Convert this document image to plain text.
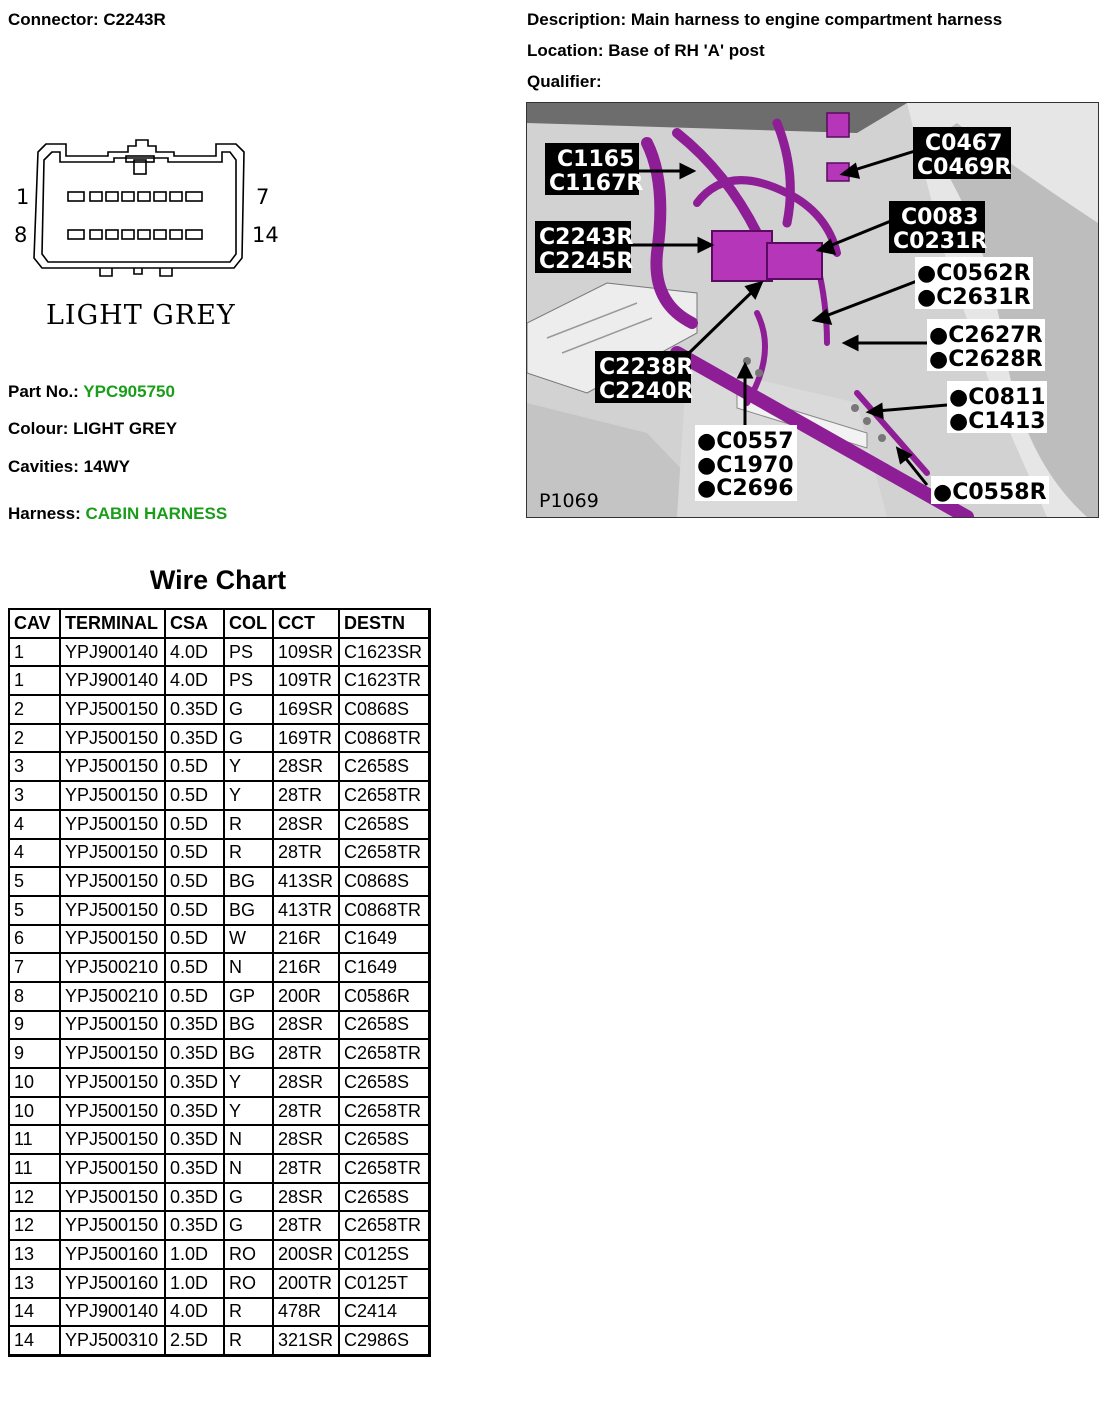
Connector: C2243R	Description: Main harness to engine compartment harness
Location: Base of RH 'A' post
Qualifier:
1	7
8	14
LIGHT GREY
Part No.: YPC905750
Colour: LIGHT GREY
Cavities: 14WY
Harness: CABIN HARNESS
C1165
C1167R
C2243R
C2245R
C2238R
C2240R
C0467
C0469R
C0083
C0231R
●C0562R
●C2631R
●C2627R
●C2628R
●C0811
●C1413
●C0557
●C1970
●C2696	●C0558R
P1069
Wire Chart
CAV	TERMINAL	CSA	COL	CCT	DESTN
1	YPJ900140	4.0D	PS	109SR	C1623SR
1	YPJ900140	4.0D	PS	109TR	C1623TR
2	YPJ500150	0.35D	G	169SR	C0868S
2	YPJ500150	0.35D	G	169TR	C0868TR
3	YPJ500150	0.5D	Y	28SR	C2658S
3	YPJ500150	0.5D	Y	28TR	C2658TR
4	YPJ500150	0.5D	R	28SR	C2658S
4	YPJ500150	0.5D	R	28TR	C2658TR
5	YPJ500150	0.5D	BG	413SR	C0868S
5	YPJ500150	0.5D	BG	413TR	C0868TR
6	YPJ500150	0.5D	W	216R	C1649
7	YPJ500210	0.5D	N	216R	C1649
8	YPJ500210	0.5D	GP	200R	C0586R
9	YPJ500150	0.35D	BG	28SR	C2658S
9	YPJ500150	0.35D	BG	28TR	C2658TR
10	YPJ500150	0.35D	Y	28SR	C2658S
10	YPJ500150	0.35D	Y	28TR	C2658TR
11	YPJ500150	0.35D	N	28SR	C2658S
11	YPJ500150	0.35D	N	28TR	C2658TR
12	YPJ500150	0.35D	G	28SR	C2658S
12	YPJ500150	0.35D	G	28TR	C2658TR
13	YPJ500160	1.0D	RO	200SR	C0125S
13	YPJ500160	1.0D	RO	200TR	C0125T
14	YPJ900140	4.0D	R	478R	C2414
14	YPJ500310	2.5D	R	321SR	C2986S
